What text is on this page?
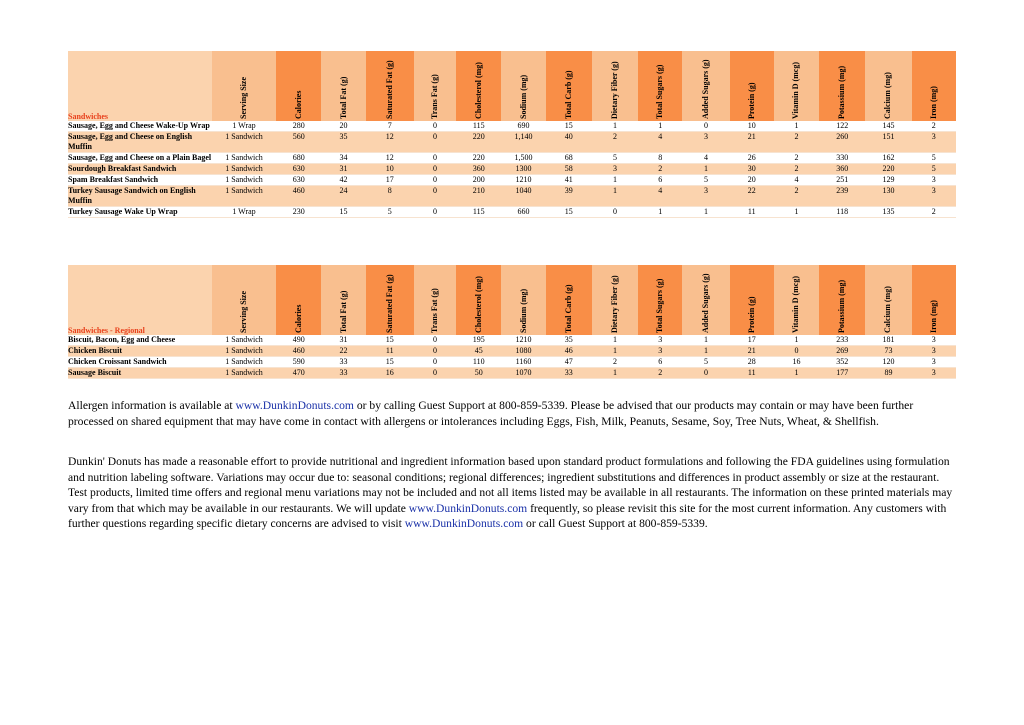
Sandwiches	Serving Size	Calories	Total Fat (g)	Saturated Fat (g)	Trans Fat (g)	Cholesterol (mg)	Sodium (mg)	Total Carb (g)	Dietary Fiber (g)	Total Sugars (g)	Added Sugars (g)	Protein (g)	Vitamin D (mcg)	Potassium (mg)	Calcium (mg)	Iron (mg)

Sausage, Egg and Cheese Wake-Up Wrap	1 Wrap	280	20	7	0	115	690	15	1	1	0	10	1	122	145	2
Sausage, Egg and Cheese on English Muffin	1 Sandwich	560	35	12	0	220	1,140	40	2	4	3	21	2	260	151	3
Sausage, Egg and Cheese on a Plain Bagel	1 Sandwich	680	34	12	0	220	1,500	68	5	8	4	26	2	330	162	5
Sourdough Breakfast Sandwich	1 Sandwich	630	31	10	0	360	1300	58	3	2	1	30	2	360	220	5
Spam Breakfast Sandwich	1 Sandwich	630	42	17	0	200	1210	41	1	6	5	20	4	251	129	3
Turkey Sausage Sandwich on English Muffin	1 Sandwich	460	24	8	0	210	1040	39	1	4	3	22	2	239	130	3
Turkey Sausage Wake Up Wrap	1 Wrap	230	15	5	0	115	660	15	0	1	1	11	1	118	135	2
Sandwiches - Regional	Serving Size	Calories	Total Fat (g)	Saturated Fat (g)	Trans Fat (g)	Cholesterol (mg)	Sodium (mg)	Total Carb (g)	Dietary Fiber (g)	Total Sugars (g)	Added Sugars (g)	Protein (g)	Vitamin D (mcg)	Potassium (mg)	Calcium (mg)	Iron (mg)

Biscuit, Bacon, Egg and Cheese	1 Sandwich	490	31	15	0	195	1210	35	1	3	1	17	1	233	181	3
Chicken Biscuit	1 Sandwich	460	22	11	0	45	1080	46	1	3	1	21	0	269	73	3
Chicken Croissant Sandwich	1 Sandwich	590	33	15	0	110	1160	47	2	6	5	28	16	352	120	3
Sausage Biscuit	1 Sandwich	470	33	16	0	50	1070	33	1	2	0	11	1	177	89	3
Allergen information is available at www.DunkinDonuts.com or by calling Guest Support at 800-859-5339. Please be advised that our products may contain or may have been further processed on shared equipment that may have come in contact with allergens or intolerances including Eggs, Fish, Milk, Peanuts, Sesame, Soy, Tree Nuts, Wheat, & Shellfish.
Dunkin' Donuts has made a reasonable effort to provide nutritional and ingredient information based upon standard product formulations and following the FDA guidelines using formulation and nutrition labeling software. Variations may occur due to: seasonal conditions; regional differences; ingredient substitutions and differences in product assembly or size at the restaurant. Test products, limited time offers and regional menu variations may not be included and not all items listed may be available in all restaurants. The information on these printed materials may vary from that which may be available in our restaurants. We will update www.DunkinDonuts.com frequently, so please revisit this site for the most current information. Any customers with further questions regarding specific dietary concerns are advised to visit www.DunkinDonuts.com or call Guest Support at 800-859-5339.
